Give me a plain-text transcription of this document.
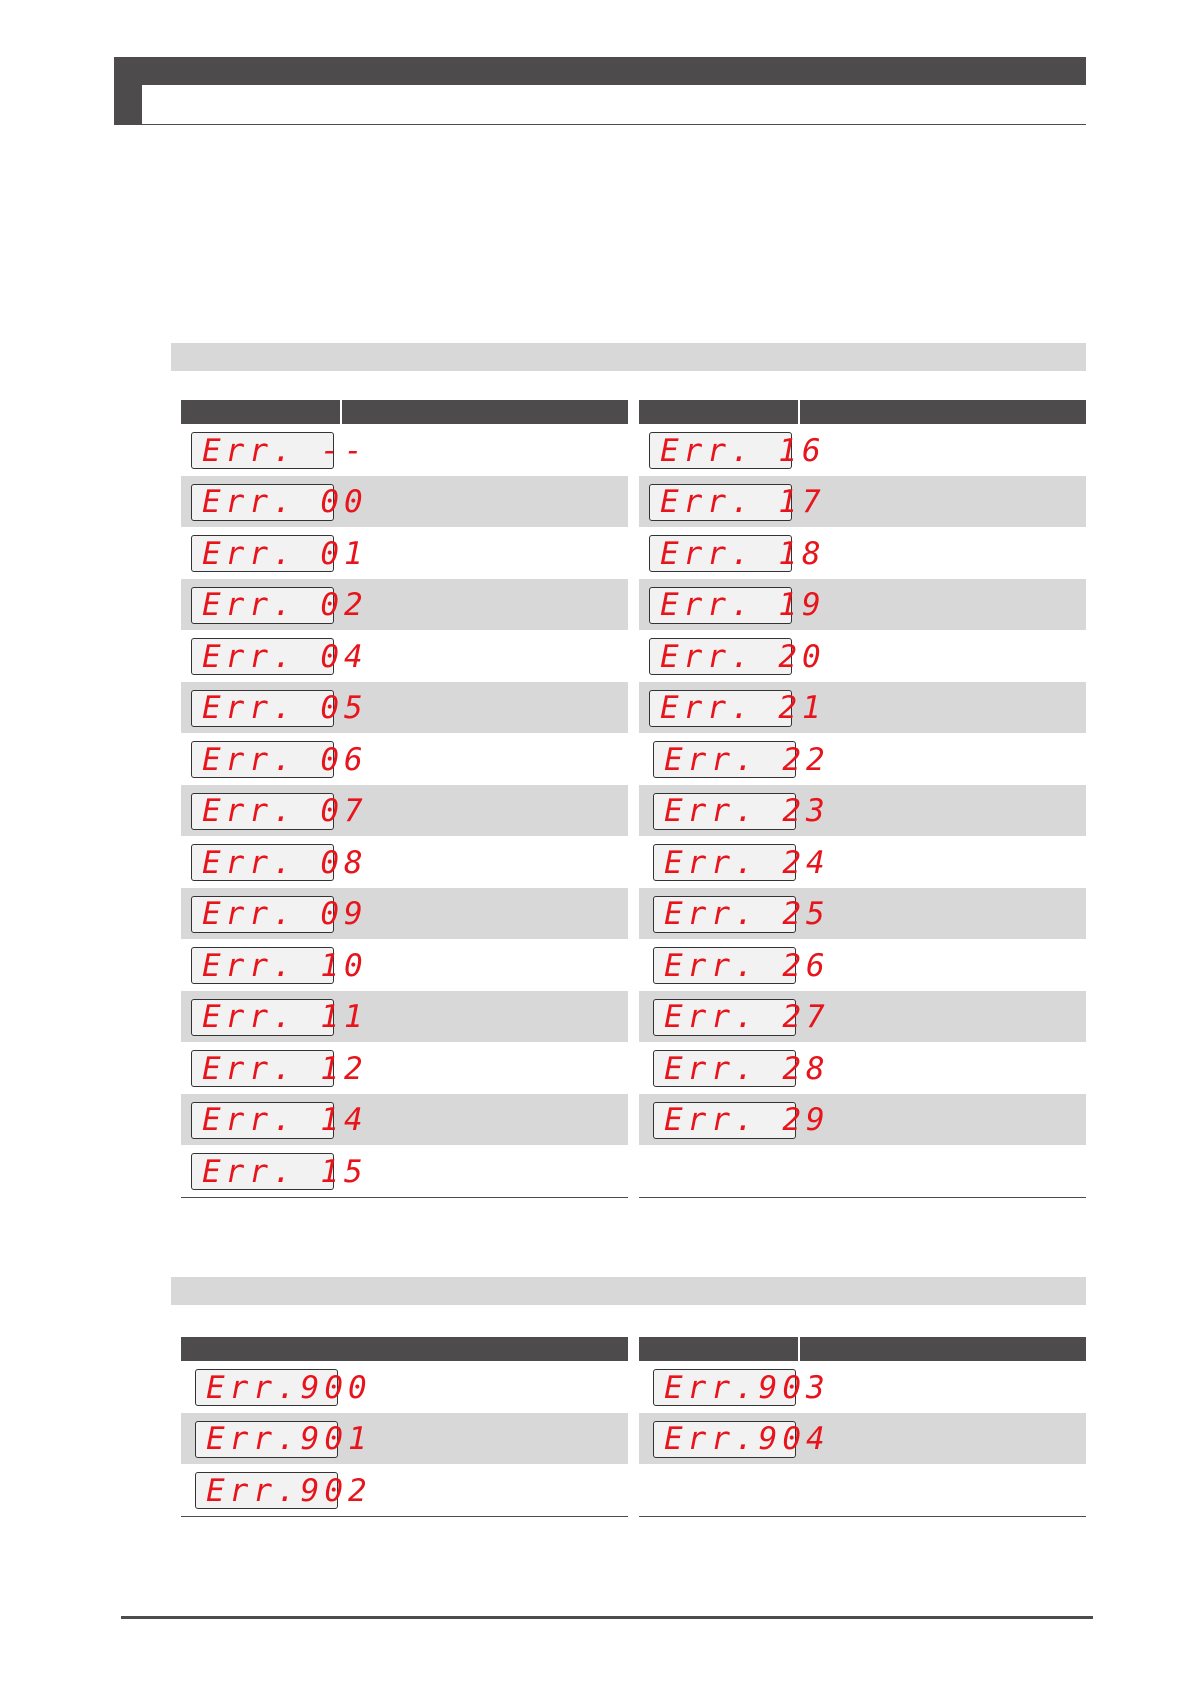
Err. --
Err. 00
Err. 01
Err. 02
Err. 04
Err. 05
Err. 06
Err. 07
Err. 08
Err. 09
Err. 10
Err. 11
Err. 12
Err. 14
Err. 15
Err. 16
Err. 17
Err. 18
Err. 19
Err. 20
Err. 21
Err. 22
Err. 23
Err. 24
Err. 25
Err. 26
Err. 27
Err. 28
Err. 29
Err.900
Err.901
Err.902
Err.903
Err.904
